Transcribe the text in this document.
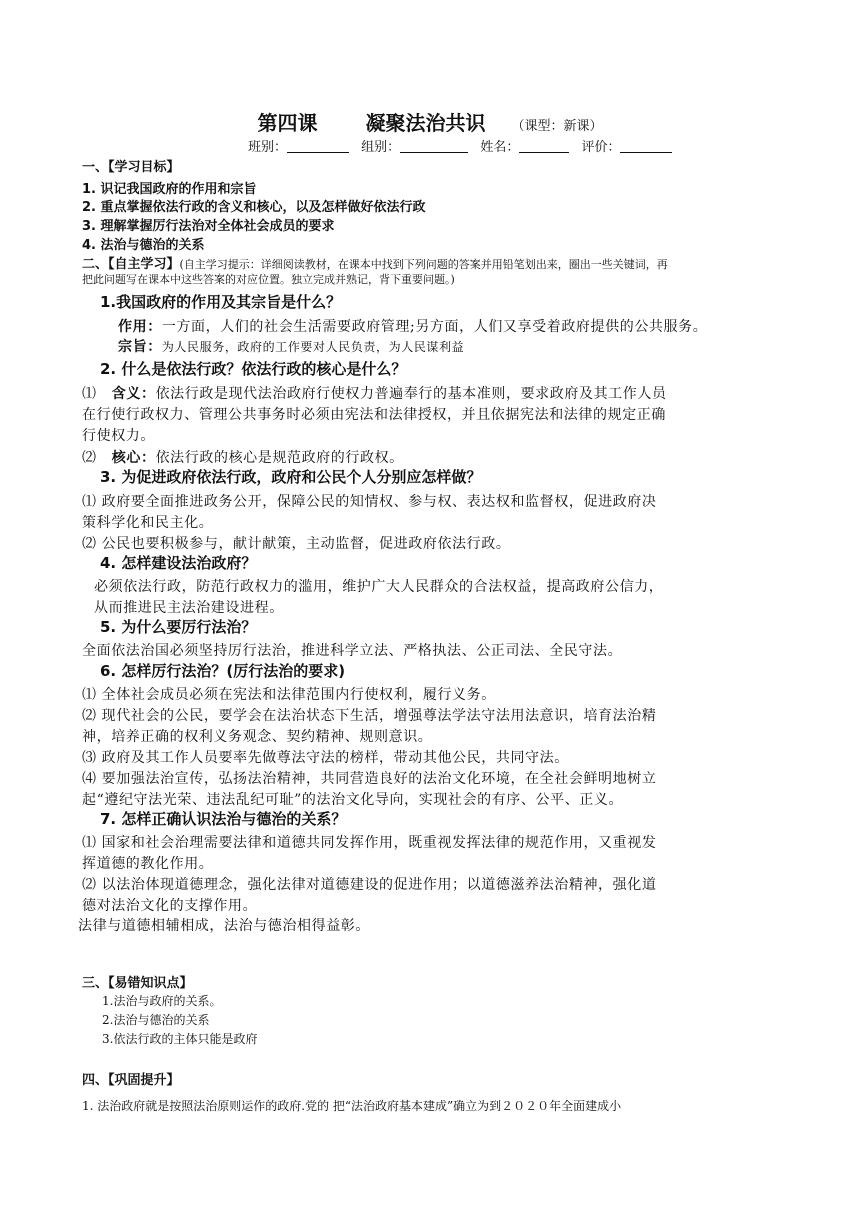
第四课 凝聚法治共识 （课型：新课）
班别：	组别：	姓名：	评价：
一、【学习目标】
1. 识记我国政府的作用和宗旨
2. 重点掌握依法行政的含义和核心，以及怎样做好依法行政
3. 理解掌握厉行法治对全体社会成员的要求
4. 法治与德治的关系
二、【自主学习】(自主学习提示：详细阅读教材，在课本中找到下列问题的答案并用铅笔划出来，圈出一些关键词，再
把此问题写在课本中这些答案的对应位置。独立完成并熟记，背下重要问题。)
1.我国政府的作用及其宗旨是什么？
作用：一方面，人们的社会生活需要政府管理;另方面，人们又享受着政府提供的公共服务。
宗旨：为人民服务，政府的工作要对人民负责，为人民谋利益
2. 什么是依法行政？依法行政的核心是什么？
⑴ 含义：依法行政是现代法治政府行使权力普遍奉行的基本准则，要求政府及其工作人员
在行使行政权力、管理公共事务时必须由宪法和法律授权，并且依据宪法和法律的规定正确
行使权力。
⑵ 核心：依法行政的核心是规范政府的行政权。
3. 为促进政府依法行政，政府和公民个人分别应怎样做？
⑴ 政府要全面推进政务公开，保障公民的知情权、参与权、表达权和监督权，促进政府决
策科学化和民主化。
⑵ 公民也要积极参与，献计献策，主动监督，促进政府依法行政。
4. 怎样建设法治政府？
必须依法行政，防范行政权力的滥用，维护广大人民群众的合法权益，提高政府公信力，
从而推进民主法治建设进程。
5. 为什么要厉行法治？
全面依法治国必须坚持厉行法治，推进科学立法、严格执法、公正司法、全民守法。
6. 怎样厉行法治？(厉行法治的要求)
⑴ 全体社会成员必须在宪法和法律范围内行使权利，履行义务。
⑵ 现代社会的公民，要学会在法治状态下生活，增强尊法学法守法用法意识，培育法治精
神，培养正确的权利义务观念、契约精神、规则意识。
⑶ 政府及其工作人员要率先做尊法守法的榜样，带动其他公民，共同守法。
⑷ 要加强法治宣传，弘扬法治精神，共同营造良好的法治文化环境，在全社会鲜明地树立
起“遵纪守法光荣、违法乱纪可耻”的法治文化导向，实现社会的有序、公平、正义。
7. 怎样正确认识法治与德治的关系？
⑴ 国家和社会治理需要法律和道德共同发挥作用，既重视发挥法律的规范作用，又重视发
挥道德的教化作用。
⑵ 以法治体现道德理念，强化法律对道德建设的促进作用；以道德滋养法治精神，强化道
德对法治文化的支撑作用。
法律与道德相辅相成，法治与德治相得益彰。
三、【易错知识点】
1.法治与政府的关系。
2.法治与德治的关系
3.依法行政的主体只能是政府
四、【巩固提升】
1. 法治政府就是按照法治原则运作的政府.党的 把“法治政府基本建成”确立为到２０２０年全面建成小
